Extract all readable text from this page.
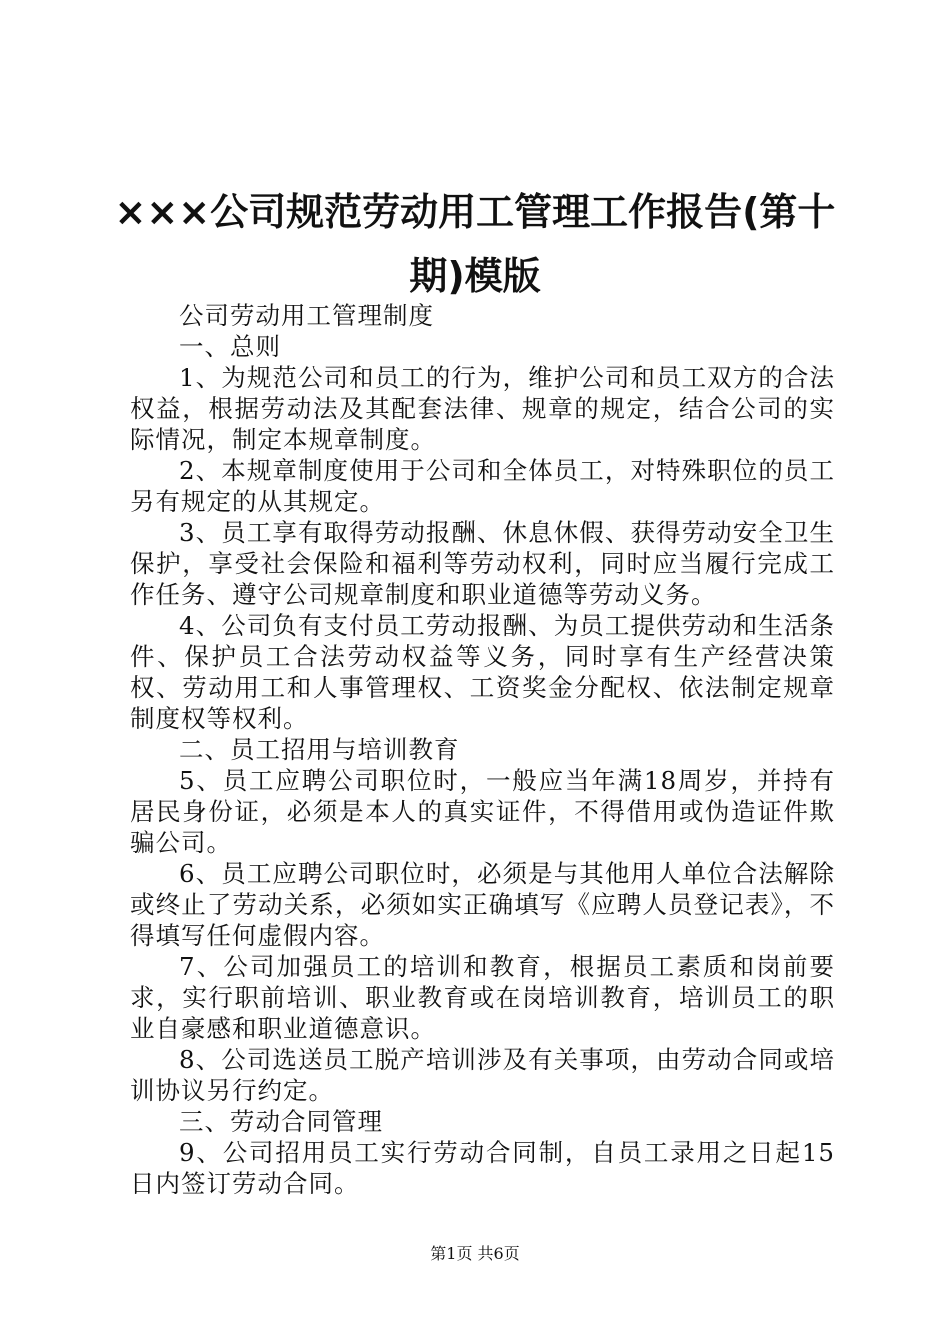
×××公司规范劳动用工管理工作报告(第十期)模版

公司劳动用工管理制度

一、总则

1、为规范公司和员工的行为，维护公司和员工双方的合法权益，根据劳动法及其配套法律、规章的规定，结合公司的实际情况，制定本规章制度。

2、本规章制度使用于公司和全体员工，对特殊职位的员工另有规定的从其规定。

3、员工享有取得劳动报酬、休息休假、获得劳动安全卫生保护，享受社会保险和福利等劳动权利，同时应当履行完成工作任务、遵守公司规章制度和职业道德等劳动义务。

4、公司负有支付员工劳动报酬、为员工提供劳动和生活条件、保护员工合法劳动权益等义务，同时享有生产经营决策权、劳动用工和人事管理权、工资奖金分配权、依法制定规章制度权等权利。

二、员工招用与培训教育

5、员工应聘公司职位时，一般应当年满18周岁，并持有居民身份证，必须是本人的真实证件，不得借用或伪造证件欺骗公司。

6、员工应聘公司职位时，必须是与其他用人单位合法解除或终止了劳动关系，必须如实正确填写《应聘人员登记表》，不得填写任何虚假内容。

7、公司加强员工的培训和教育，根据员工素质和岗前要求，实行职前培训、职业教育或在岗培训教育，培训员工的职业自豪感和职业道德意识。

8、公司选送员工脱产培训涉及有关事项，由劳动合同或培训协议另行约定。

三、劳动合同管理

9、公司招用员工实行劳动合同制，自员工录用之日起15日内签订劳动合同。

第1页 共6页
